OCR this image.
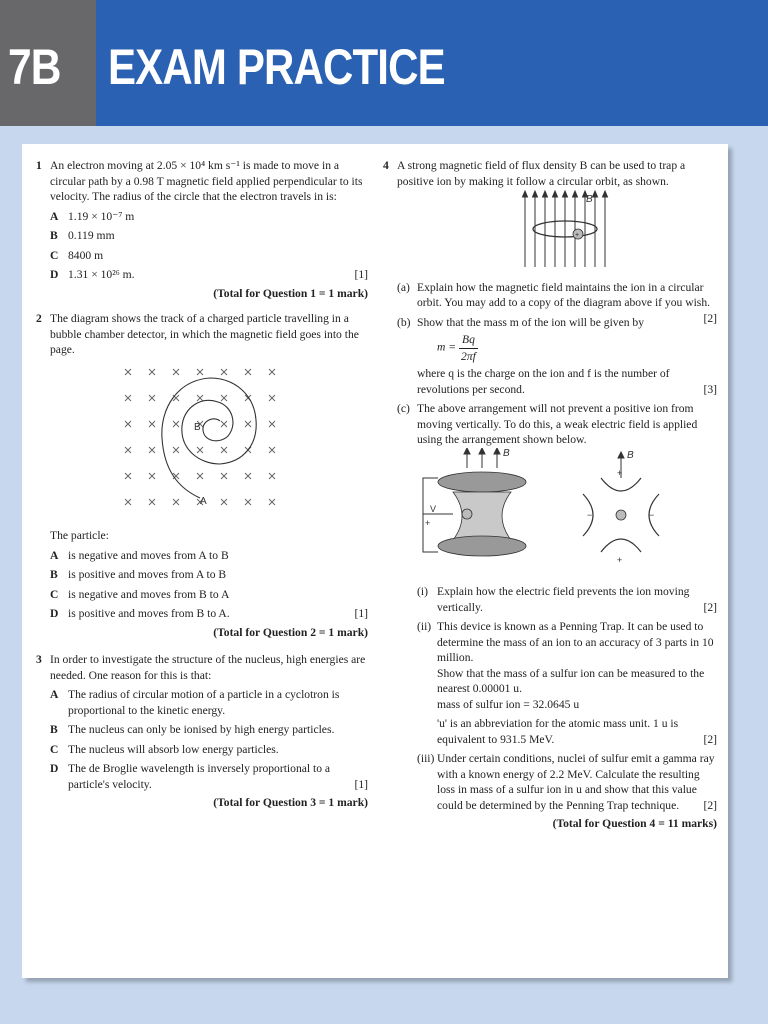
7B EXAM PRACTICE
1 An electron moving at 2.05 × 10⁴ km s⁻¹ is made to move in a circular path by a 0.98 T magnetic field applied perpendicular to its velocity. The radius of the circle that the electron travels in is:
A 1.19 × 10⁻⁷ m
B 0.119 mm
C 8400 m
D 1.31 × 10²⁶ m.	[1]
(Total for Question 1 = 1 mark)
2 The diagram shows the track of a charged particle travelling in a bubble chamber detector, in which the magnetic field goes into the page.
A
B
The particle:
A is negative and moves from A to B
B is positive and moves from A to B
C is negative and moves from B to A
D is positive and moves from B to A.	[1]
(Total for Question 2 = 1 mark)
3 In order to investigate the structure of the nucleus, high energies are needed. One reason for this is that:
A The radius of circular motion of a particle in a cyclotron is proportional to the kinetic energy.
B The nucleus can only be ionised by high energy particles.
C The nucleus will absorb low energy particles.
D The de Broglie wavelength is inversely proportional to a particle's velocity.	[1]
(Total for Question 3 = 1 mark)
4 A strong magnetic field of flux density B can be used to trap a positive ion by making it follow a circular orbit, as shown.
+
B
(a) Explain how the magnetic field maintains the ion in a circular orbit. You may add to a copy of the diagram above if you wish.
[2]
(b) Show that the mass m of the ion will be given by
$m = \frac{Bq}{2\pi f}$
where q is the charge on the ion and f is the number of revolutions per second.	[3]
(c) The above arrangement will not prevent a positive ion from moving vertically. To do this, a weak electric field is applied using the arrangement shown below.
B
V
+
B
+
+
−	−
(i) Explain how the electric field prevents the ion moving vertically.	[2]
(ii) This device is known as a Penning Trap. It can be used to determine the mass of an ion to an accuracy of 3 parts in 10 million.
Show that the mass of a sulfur ion can be measured to the nearest 0.00001 u.
mass of sulfur ion = 32.0645 u
'u' is an abbreviation for the atomic mass unit. 1 u is equivalent to 931.5 MeV.	[2]
(iii) Under certain conditions, nuclei of sulfur emit a gamma ray with a known energy of 2.2 MeV. Calculate the resulting loss in mass of a sulfur ion in u and show that this value could be determined by the Penning Trap technique. [2]
(Total for Question 4 = 11 marks)
